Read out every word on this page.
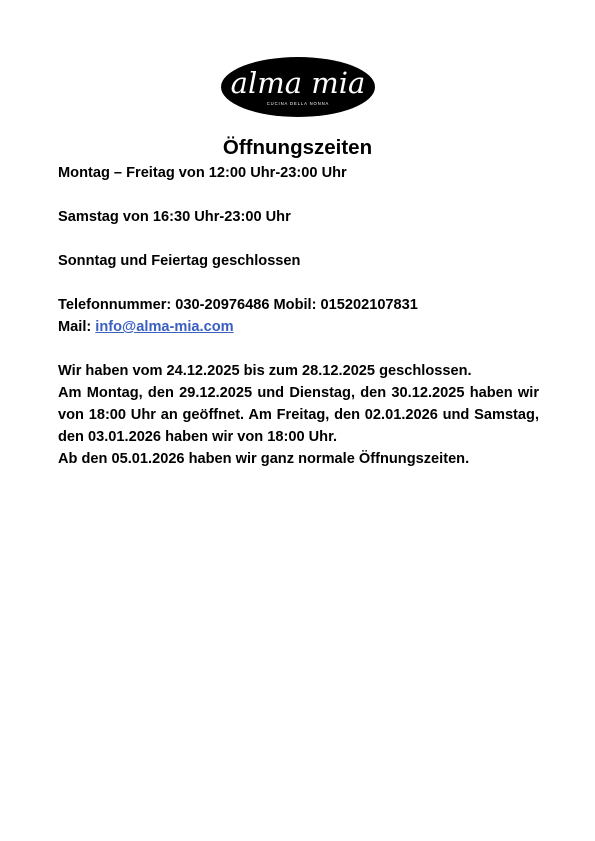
alma mia
CUCINA DELLA NONNA
Öffnungszeiten

Montag – Freitag von 12:00 Uhr-23:00 Uhr

Samstag von 16:30 Uhr-23:00 Uhr

Sonntag und Feiertag geschlossen

Telefonnummer: 030-20976486 Mobil: 015202107831

Mail: info@alma-mia.com

Wir haben vom 24.12.2025 bis zum 28.12.2025 geschlossen.

Am Montag, den 29.12.2025 und Dienstag, den 30.12.2025 haben wir von 18:00 Uhr an geöffnet. Am Freitag, den 02.01.2026 und Samstag, den 03.01.2026 haben wir von 18:00 Uhr.

Ab den 05.01.2026 haben wir ganz normale Öffnungszeiten.
